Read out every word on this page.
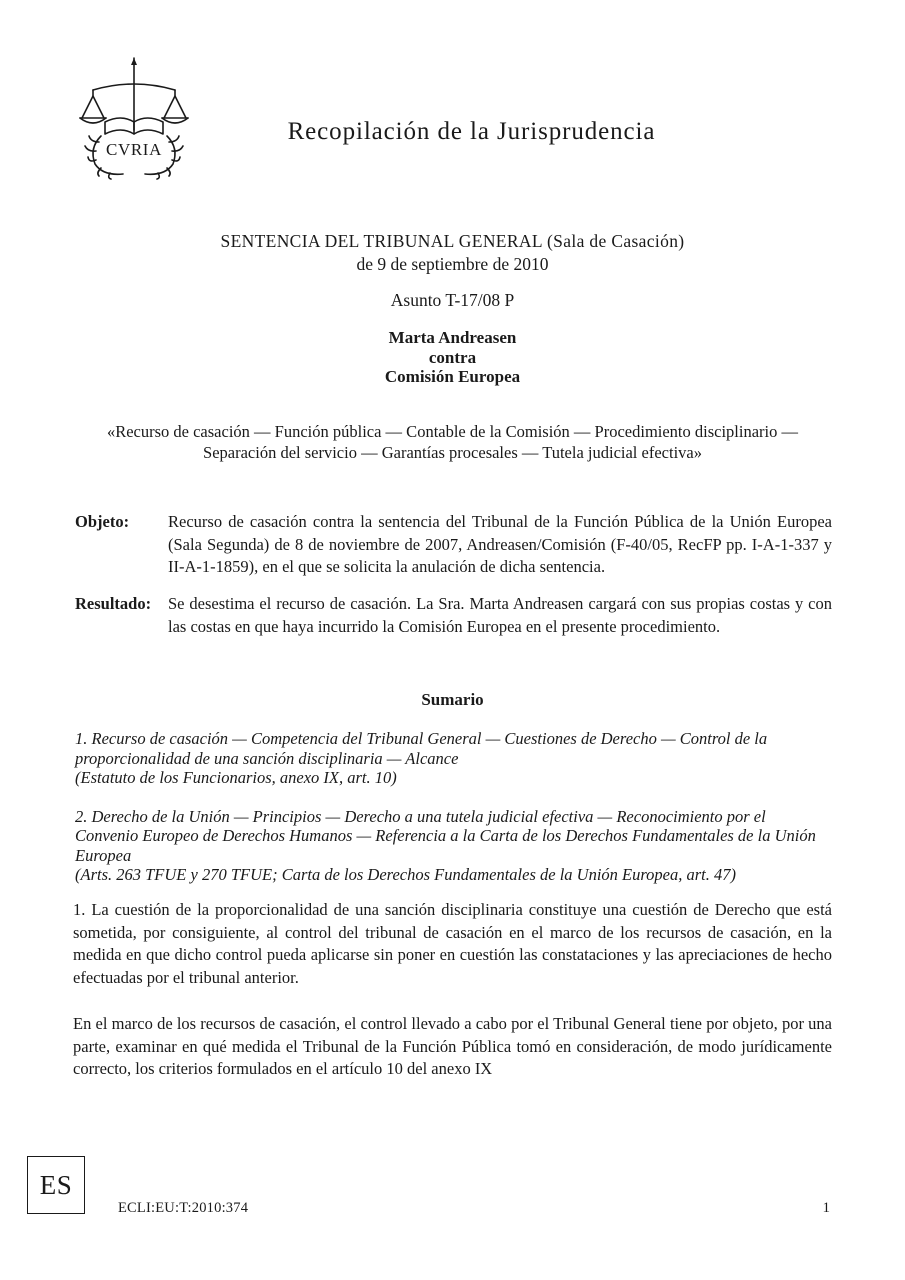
CVRIA
Recopilación de la Jurisprudencia
SENTENCIA DEL TRIBUNAL GENERAL (Sala de Casación)
de 9 de septiembre de 2010
Asunto T-17/08 P
Marta Andreasen
contra
Comisión Europea
«Recurso de casación — Función pública — Contable de la Comisión — Procedimiento disciplinario — Separación del servicio — Garantías procesales — Tutela judicial efectiva»
Objeto: Recurso de casación contra la sentencia del Tribunal de la Función Pública de la Unión Europea (Sala Segunda) de 8 de noviembre de 2007, Andreasen/Comisión (F-40/05, RecFP pp. I-A-1-337 y II-A-1-1859), en el que se solicita la anulación de dicha sentencia.
Resultado: Se desestima el recurso de casación. La Sra. Marta Andreasen cargará con sus propias costas y con las costas en que haya incurrido la Comisión Europea en el presente procedimiento.
Sumario
1. Recurso de casación — Competencia del Tribunal General — Cuestiones de Derecho — Control de la proporcionalidad de una sanción disciplinaria — Alcance
(Estatuto de los Funcionarios, anexo IX, art. 10)
2. Derecho de la Unión — Principios — Derecho a una tutela judicial efectiva — Reconocimiento por el Convenio Europeo de Derechos Humanos — Referencia a la Carta de los Derechos Fundamentales de la Unión Europea
(Arts. 263 TFUE y 270 TFUE; Carta de los Derechos Fundamentales de la Unión Europea, art. 47)

1. La cuestión de la proporcionalidad de una sanción disciplinaria constituye una cuestión de Derecho que está sometida, por consiguiente, al control del tribunal de casación en el marco de los recursos de casación, en la medida en que dicho control pueda aplicarse sin poner en cuestión las constataciones y las apreciaciones de hecho efectuadas por el tribunal anterior.

En el marco de los recursos de casación, el control llevado a cabo por el Tribunal General tiene por objeto, por una parte, examinar en qué medida el Tribunal de la Función Pública tomó en consideración, de modo jurídicamente correcto, los criterios formulados en el artículo 10 del anexo IX

ES
ECLI:EU:T:2010:374	1
